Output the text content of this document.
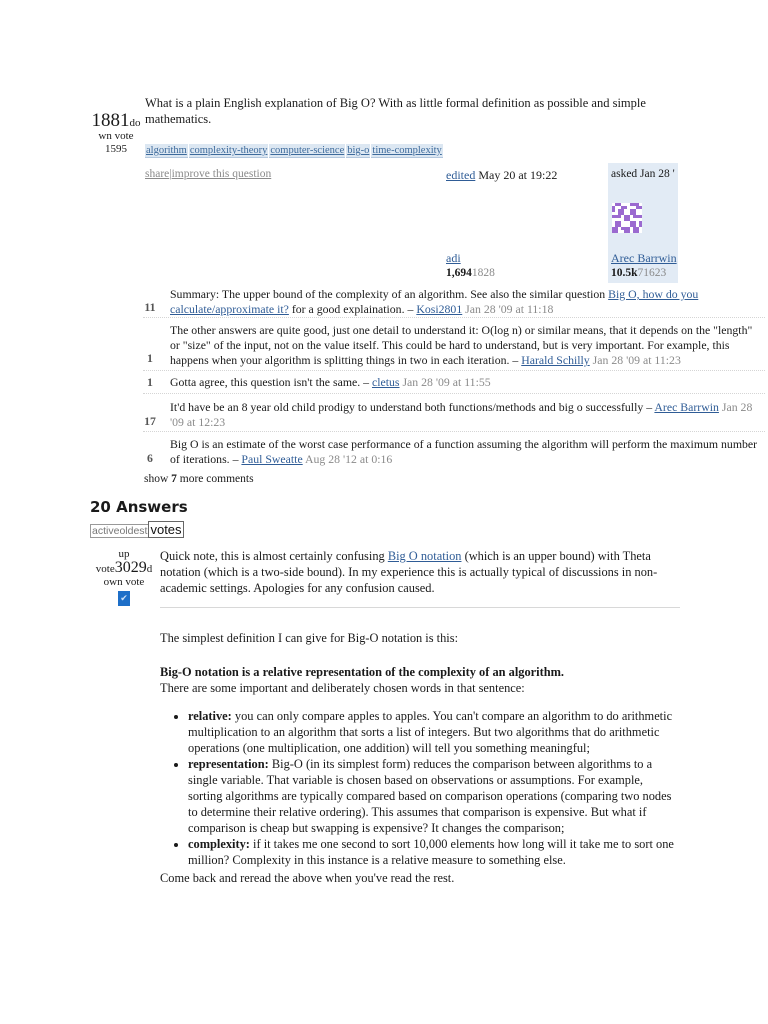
1881do
wn vote
1595
What is a plain English explanation of Big O? With as little formal definition as possible and simple mathematics.
algorithm complexity-theory computer-science big-o time-complexity
share|improve this question	edited May 20 at 19:22
adi
1,6941828
asked Jan 28 '
Arec Barrwin
10.5k71623
11
Summary: The upper bound of the complexity of an algorithm. See also the similar question Big O, how do you calculate/approximate it? for a good explaination. – Kosi2801 Jan 28 '09 at 11:18
1
The other answers are quite good, just one detail to understand it: O(log n) or similar means, that it depends on the "length" or "size" of the input, not on the value itself. This could be hard to understand, but is very important. For example, this happens when your algorithm is splitting things in two in each iteration. – Harald Schilly Jan 28 '09 at 11:23
1	Gotta agree, this question isn't the same. – cletus Jan 28 '09 at 11:55
17
It'd have be an 8 year old child prodigy to understand both functions/methods and big o successfully – Arec Barrwin Jan 28 '09 at 12:23
6
Big O is an estimate of the worst case performance of a function assuming the algorithm will perform the maximum number of iterations. – Paul Sweatte Aug 28 '12 at 0:16
show 7 more comments
20 Answers
activeoldest votes
up
vote3029d
own vote
✔

Quick note, this is almost certainly confusing Big O notation (which is an upper bound) with Theta notation (which is a two-side bound). In my experience this is actually typical of discussions in non-academic settings. Apologies for any confusion caused.

The simplest definition I can give for Big-O notation is this:

Big-O notation is a relative representation of the complexity of an algorithm.

There are some important and deliberately chosen words in that sentence:

• relative: you can only compare apples to apples. You can't compare an algorithm to do arithmetic multiplication to an algorithm that sorts a list of integers. But two algorithms that do arithmetic operations (one multiplication, one addition) will tell you something meaningful;
• representation: Big-O (in its simplest form) reduces the comparison between algorithms to a single variable. That variable is chosen based on observations or assumptions. For example, sorting algorithms are typically compared based on comparison operations (comparing two nodes to determine their relative ordering). This assumes that comparison is expensive. But what if comparison is cheap but swapping is expensive? It changes the comparison;
• complexity: if it takes me one second to sort 10,000 elements how long will it take me to sort one million? Complexity in this instance is a relative measure to something else.

Come back and reread the above when you've read the rest.
